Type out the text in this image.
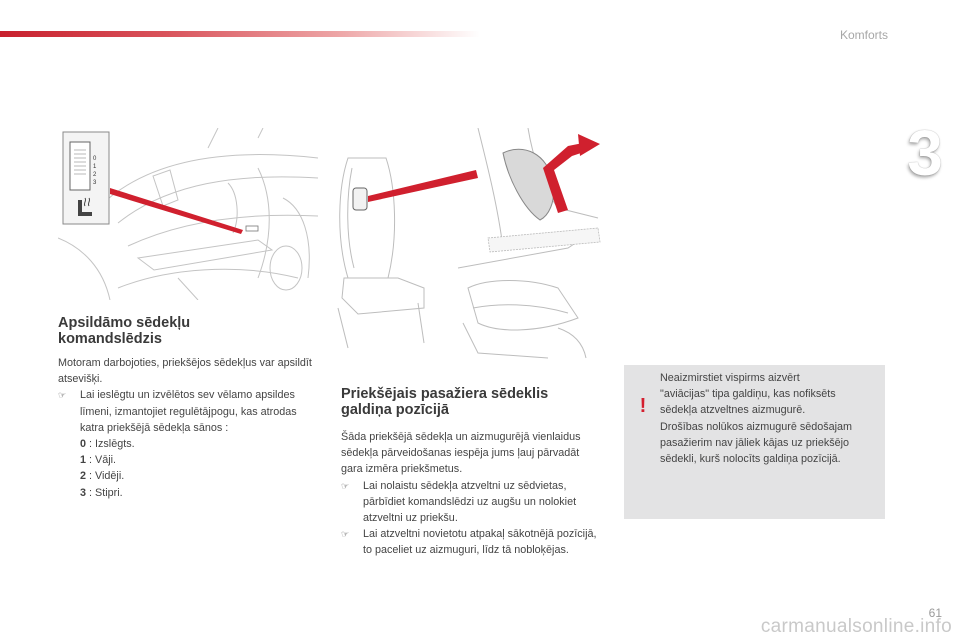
Komforts
3
0
1
2
3
Apsildāmo sēdekļu
komandslēdzis
Motoram darbojoties, priekšējos sēdekļus var apsildīt atsevišķi.
☞ Lai ieslēgtu un izvēlētos sev vēlamo apsildes līmeni, izmantojiet regulētājpogu, kas atrodas katra priekšējā sēdekļa sānos :
0 : Izslēgts.
1 : Vāji.
2 : Vidēji.
3 : Stipri.
Priekšējais pasažiera sēdeklis
galdiņa pozīcijā
Šāda priekšējā sēdekļa un aizmugurējā vienlaidus sēdekļa pārveidošanas iespēja jums ļauj pārvadāt gara izmēra priekšmetus.
☞ Lai nolaistu sēdekļa atzveltni uz sēdvietas, pārbīdiet komandslēdzi uz augšu un nolokiet atzveltni uz priekšu.
☞ Lai atzveltni novietotu atpakaļ sākotnējā pozīcijā, to paceliet uz aizmuguri, līdz tā nobloķējas.
!
Neaizmirstiet vispirms aizvērt
"aviācijas" tipa galdiņu, kas nofiksēts
sēdekļa atzveltnes aizmugurē.
Drošības nolūkos aizmugurē sēdošajam
pasažierim nav jāliek kājas uz priekšējo
sēdekli, kurš nolocīts galdiņa pozīcijā.
61
carmanualsonline.info
